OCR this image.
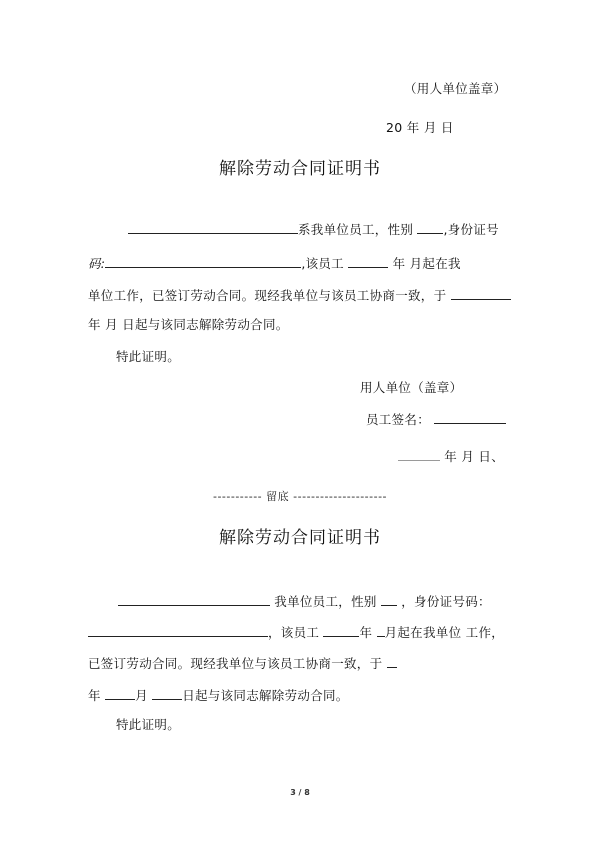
（用人单位盖章）
20 年 月 日
解除劳动合同证明书
系我单位员工，性别 ,身份证号
码:	,该员工	年 月起在我
单位工作，已签订劳动合同。现经我单位与该员工协商一致，于
年 月 日起与该同志解除劳动合同。
特此证明。
用人单位（盖章）
员工签名：
年 月 日、
----------- 留底 ---------------------
解除劳动合同证明书
我单位员工，性别 ，身份证号码：
，该员工	年 月起在我单位 工作，
已签订劳动合同。现经我单位与该员工协商一致，于
年	月	日起与该同志解除劳动合同。
特此证明。
3 / 8
